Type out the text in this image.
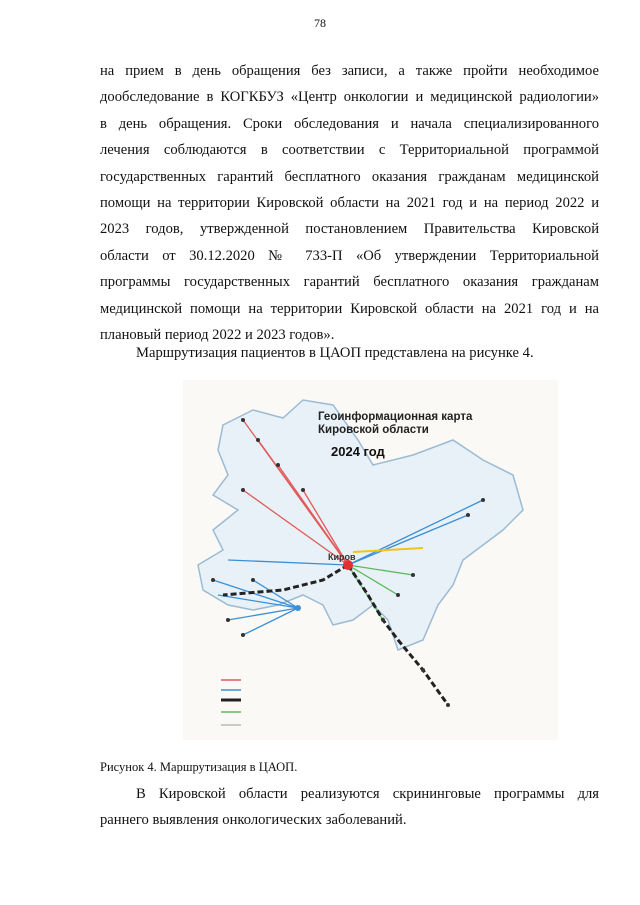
78
на прием в день обращения без записи, а также пройти необходимое
дообследование в КОГКБУЗ «Центр онкологии и медицинской радиологии»
в день обращения. Сроки обследования и начала специализированного
лечения соблюдаются в соответствии с Территориальной программой
государственных гарантий бесплатного оказания гражданам медицинской
помощи на территории Кировской области на 2021 год и на период 2022 и
2023 годов, утвержденной постановлением Правительства Кировской
области от 30.12.2020 № 733-П «Об утверждении Территориальной
программы государственных гарантий бесплатного оказания гражданам
медицинской помощи на территории Кировской области на 2021 год и на
плановый период 2022 и 2023 годов».
Маршрутизация пациентов в ЦАОП представлена на рисунке 4.
Киров
Геоинформационная карта
Кировской области
2024 год
Рисунок 4. Маршрутизация в ЦАОП.
В Кировской области реализуются скрининговые программы для
раннего выявления онкологических заболеваний.
